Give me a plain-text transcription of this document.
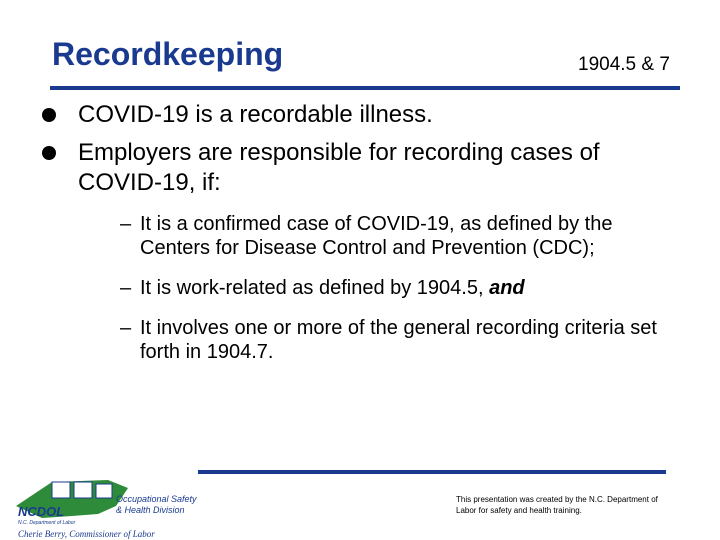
Recordkeeping	1904.5 & 7
COVID-19 is a recordable illness.
Employers are responsible for recording cases of COVID-19, if:
– It is a confirmed case of COVID-19, as defined by the Centers for Disease Control and Prevention (CDC);
– It is work-related as defined by 1904.5, and
– It involves one or more of the general recording criteria set forth in 1904.7.
NCDOL
N.C. Department of Labor
Occupational Safety
& Health Division
Cherie Berry, Commissioner of Labor
This presentation was created by the N.C. Department of Labor for safety and health training.
